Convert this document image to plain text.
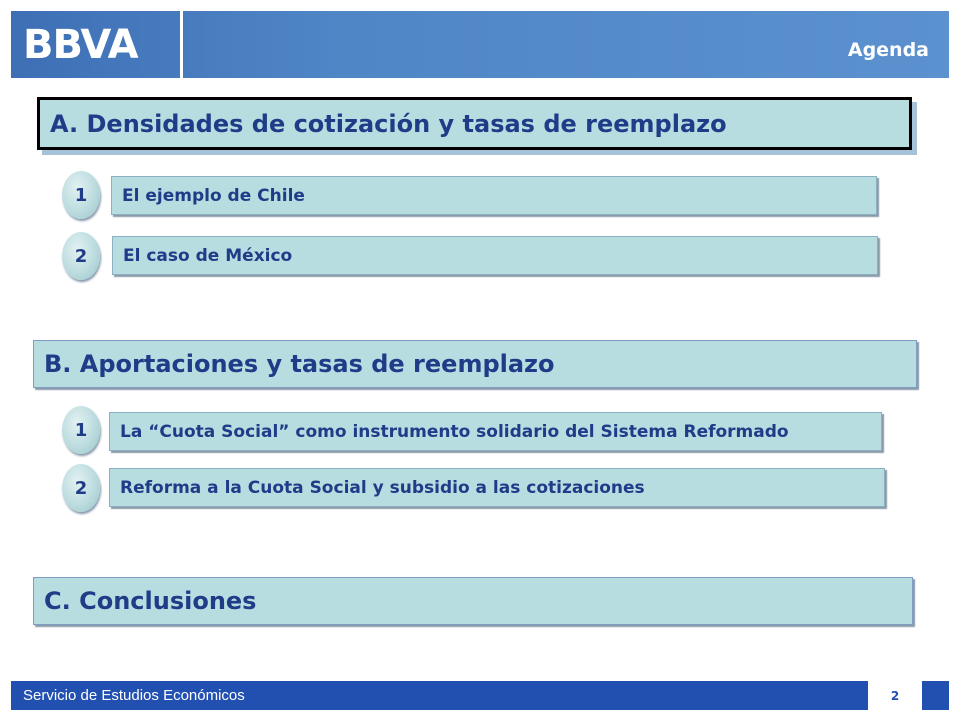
BBVA	Agenda
A. Densidades de cotización y tasas de reemplazo
1	El ejemplo de Chile
2	El caso de México
B. Aportaciones y tasas de reemplazo
1	La “Cuota Social” como instrumento solidario del Sistema Reformado
2	Reforma a la Cuota Social y subsidio a las cotizaciones
C. Conclusiones
Servicio de Estudios Económicos	2
